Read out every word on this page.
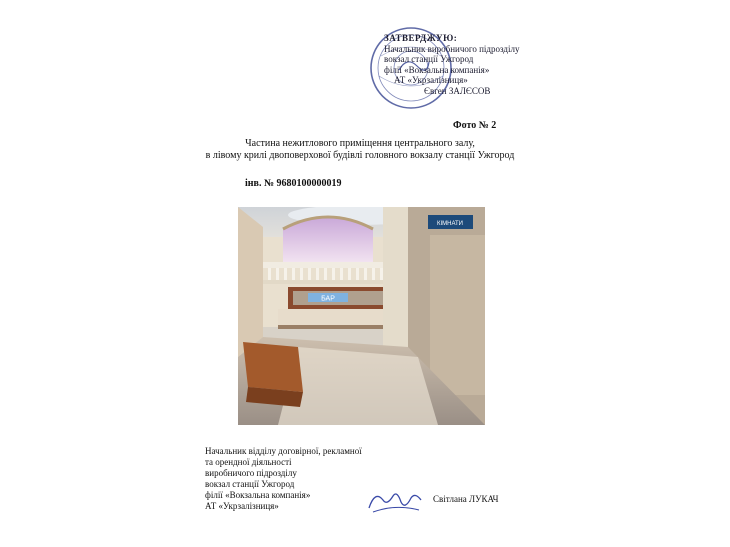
ЗАТВЕРДЖУЮ:
Начальник виробничого підрозділу
вокзал станції Ужгород
філії «Вокзальна компанія»
АТ «Укрзалізниця»
Євген ЗАЛЄСОВ
Фото № 2
Частина нежитлового приміщення центрального залу,
в лівому крилі двоповерхової будівлі головного вокзалу станції Ужгород
інв. № 9680100000019
БАР
КІМНАТИ
Начальник відділу договірної, рекламної
та орендної діяльності
виробничого підрозділу
вокзал станції Ужгород
філії «Вокзальна компанія»
АТ «Укрзалізниця»
Світлана ЛУКАЧ
